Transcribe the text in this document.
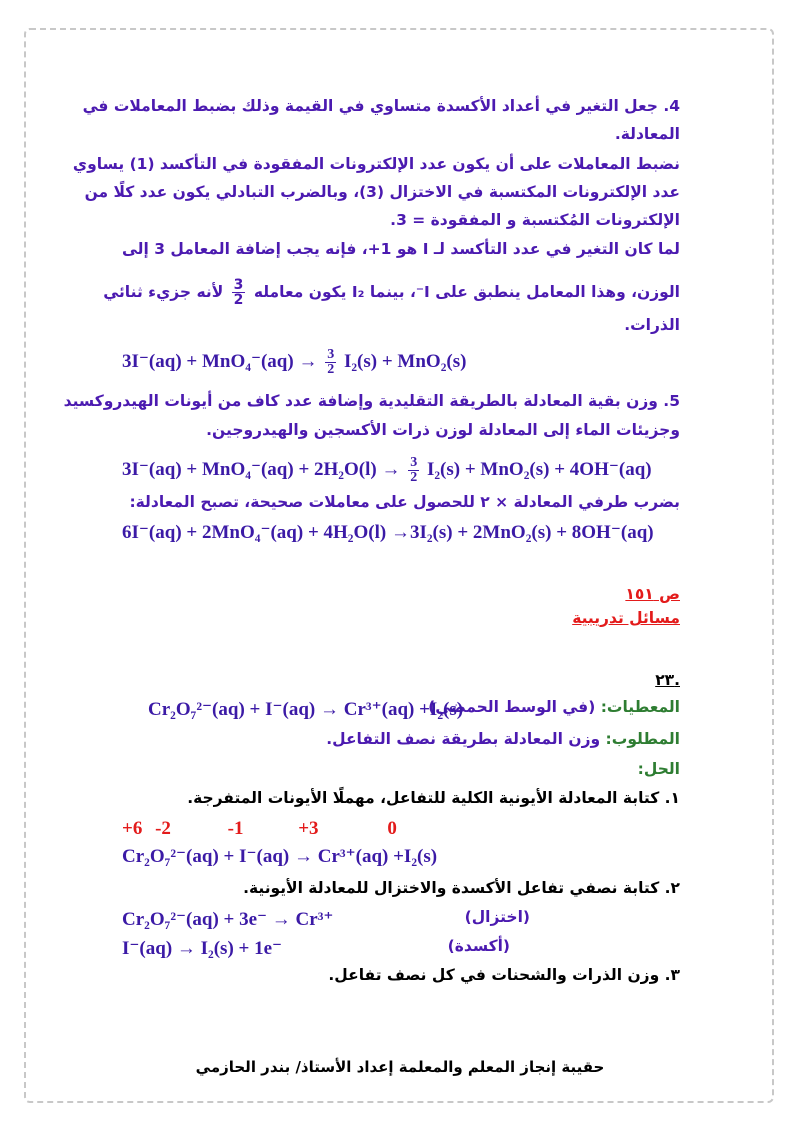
4. جعل التغير في أعداد الأكسدة متساوي في القيمة وذلك بضبط المعاملات في
المعادلة.
نضبط المعاملات على أن يكون عدد الإلكترونات المفقودة في التأكسد (1) يساوي
عدد الإلكترونات المكتسبة في الاختزال (3)، وبالضرب التبادلي يكون عدد كلًا من
الإلكترونات المُكتسبة و المفقودة = 3.
لما كان التغير في عدد التأكسد لـ I هو 1+، فإنه يجب إضافة المعامل 3 إلى
الوزن، وهذا المعامل ينطبق على I⁻، بينما I₂ يكون معامله
$\frac{3}{2}$
لأنه جزيء ثنائي
الذرات.
$3I^-(aq) + MnO_4^-(aq) \to \frac{3}{2} I_2(s) + MnO_2(s)$
5. وزن بقية المعادلة بالطريقة التقليدية وإضافة عدد كاف من أيونات الهيدروكسيد
وجزيئات الماء إلى المعادلة لوزن ذرات الأكسجين والهيدروجين.
$3I^-(aq) + MnO_4^-(aq) + 2H_2O(l) \to \frac{3}{2} I_2(s) + MnO_2(s) + 4OH^-(aq)$
بضرب طرفي المعادلة × ٢ للحصول على معاملات صحيحة، تصبح المعادلة:
6I⁻(aq) + 2MnO₄⁻(aq) + 4H₂O(l) →3I₂(s) + 2MnO₂(s) + 8OH⁻(aq)
ص ١٥١
مسائل تدريبية
.٢٣
المعطيات: (في الوسط الحمضي)
Cr₂O₇²⁻(aq) + I⁻(aq) → Cr³⁺(aq) +I₂(s)
المطلوب: وزن المعادلة بطريقة نصف التفاعل.
الحل:
١. كتابة المعادلة الأيونية الكلية للتفاعل، مهملًا الأيونات المتفرجة.
+6 -2	-1	+3	0
Cr₂O₇²⁻(aq) + I⁻(aq) → Cr³⁺(aq) +I₂(s)
٢. كتابة نصفي تفاعل الأكسدة والاختزال للمعادلة الأيونية.
Cr₂O₇²⁻(aq) + 3e⁻ → Cr³⁺	(اختزال)
I⁻(aq) → I₂(s) + 1e⁻	(أكسدة)
٣. وزن الذرات والشحنات في كل نصف تفاعل.
حقيبة إنجاز المعلم والمعلمة إعداد الأستاذ/ بندر الحازمي
